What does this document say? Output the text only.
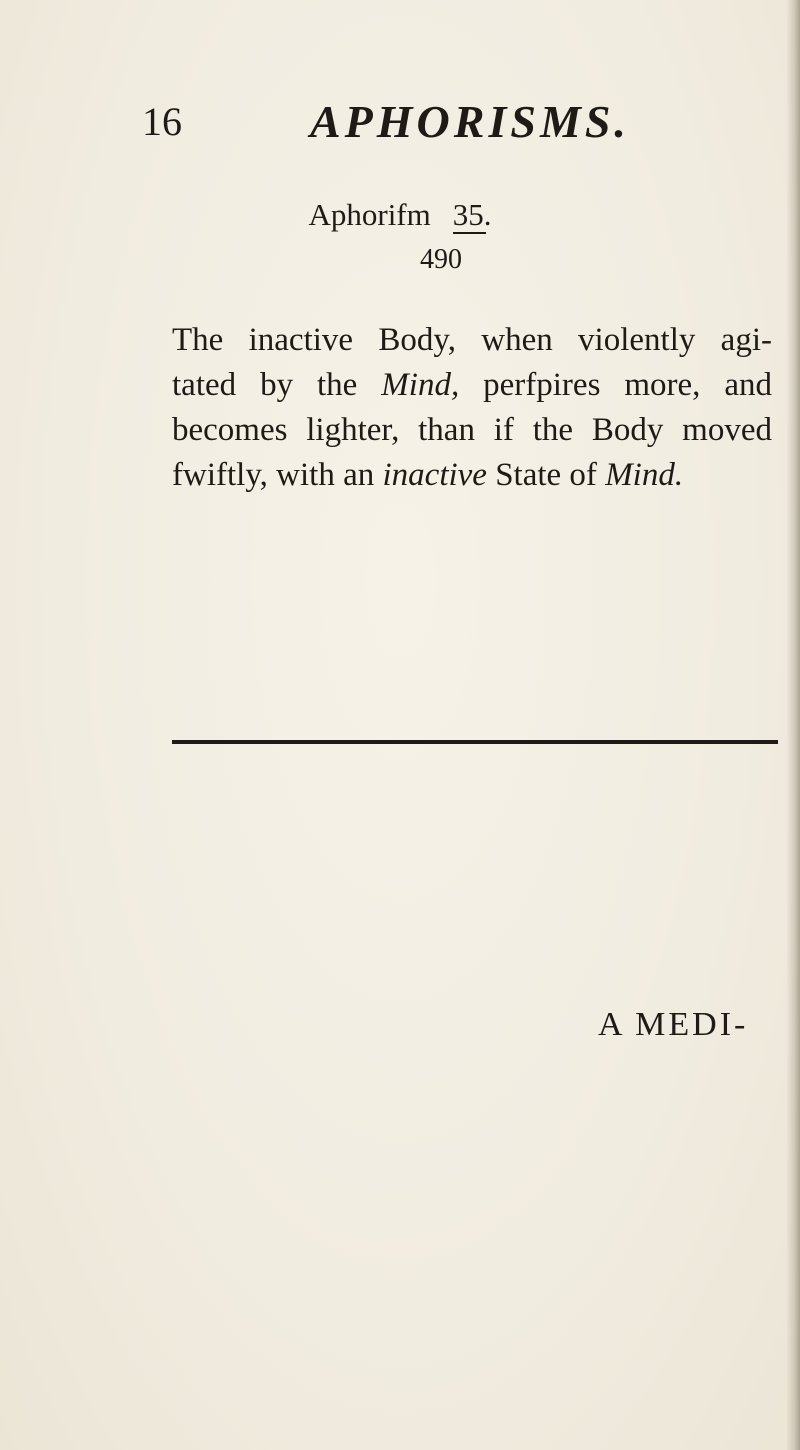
16	APHORISMS.
Aphorifm 35.
490
The inactive Body, when violently agi-
tated by the Mind, perfpires more, and
becomes lighter, than if the Body moved
fwiftly, with an inactive State of Mind.
A MEDI-
